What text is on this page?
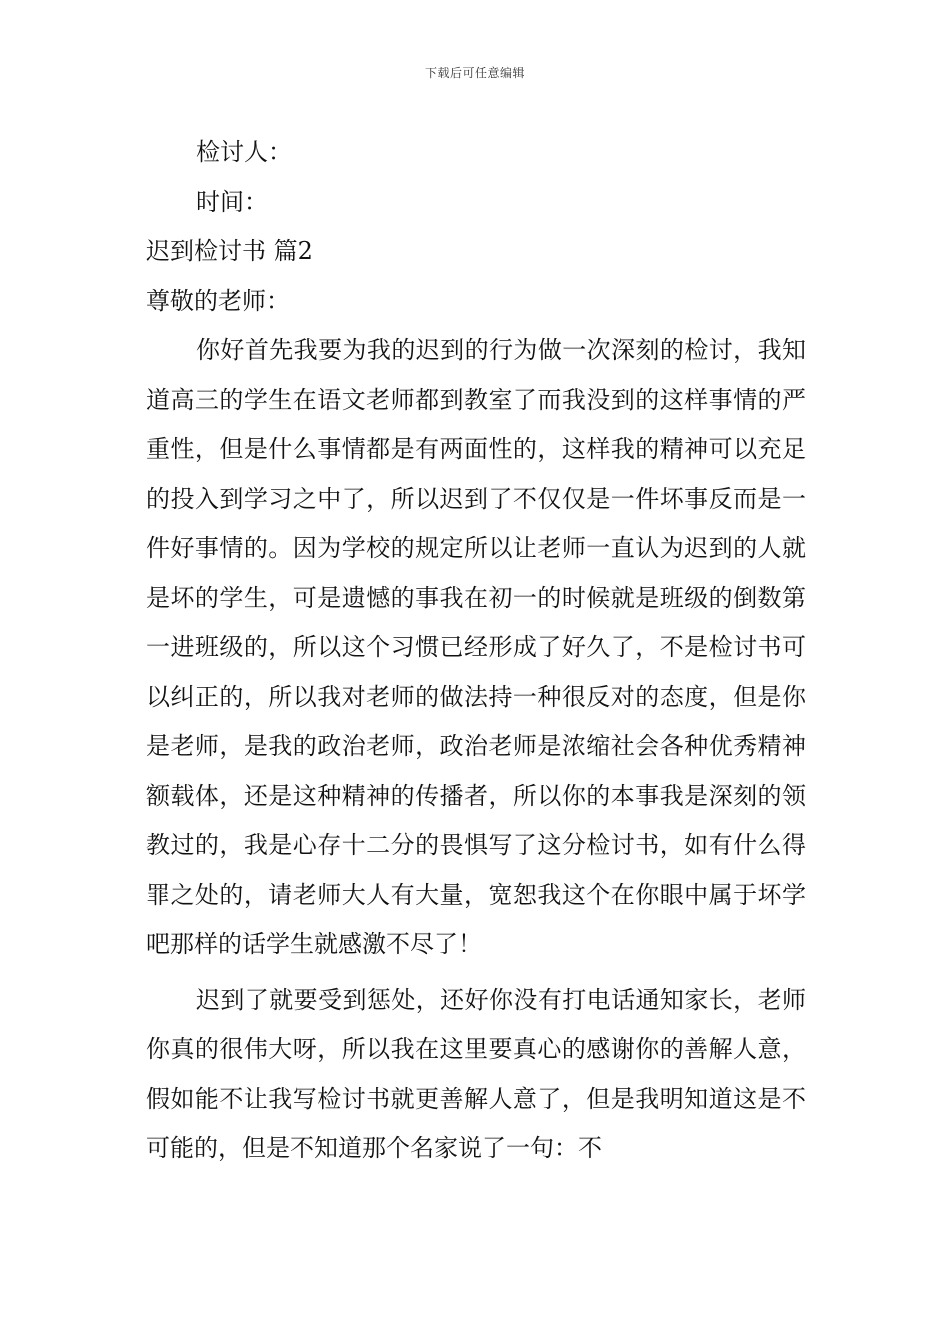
下载后可任意编辑
检讨人：
时间：
迟到检讨书 篇2
尊敬的老师：
你好首先我要为我的迟到的行为做一次深刻的检讨，我知道高三的学生在语文老师都到教室了而我没到的这样事情的严重性，但是什么事情都是有两面性的，这样我的精神可以充足的投入到学习之中了，所以迟到了不仅仅是一件坏事反而是一件好事情的。因为学校的规定所以让老师一直认为迟到的人就是坏的学生，可是遗憾的事我在初一的时候就是班级的倒数第一进班级的，所以这个习惯已经形成了好久了，不是检讨书可以纠正的，所以我对老师的做法持一种很反对的态度，但是你是老师，是我的政治老师，政治老师是浓缩社会各种优秀精神额载体，还是这种精神的传播者，所以你的本事我是深刻的领教过的，我是心存十二分的畏惧写了这分检讨书，如有什么得罪之处的，请老师大人有大量，宽恕我这个在你眼中属于坏学吧那样的话学生就感激不尽了！
迟到了就要受到惩处，还好你没有打电话通知家长，老师你真的很伟大呀，所以我在这里要真心的感谢你的善解人意，假如能不让我写检讨书就更善解人意了，但是我明知道这是不可能的，但是不知道那个名家说了一句：不
